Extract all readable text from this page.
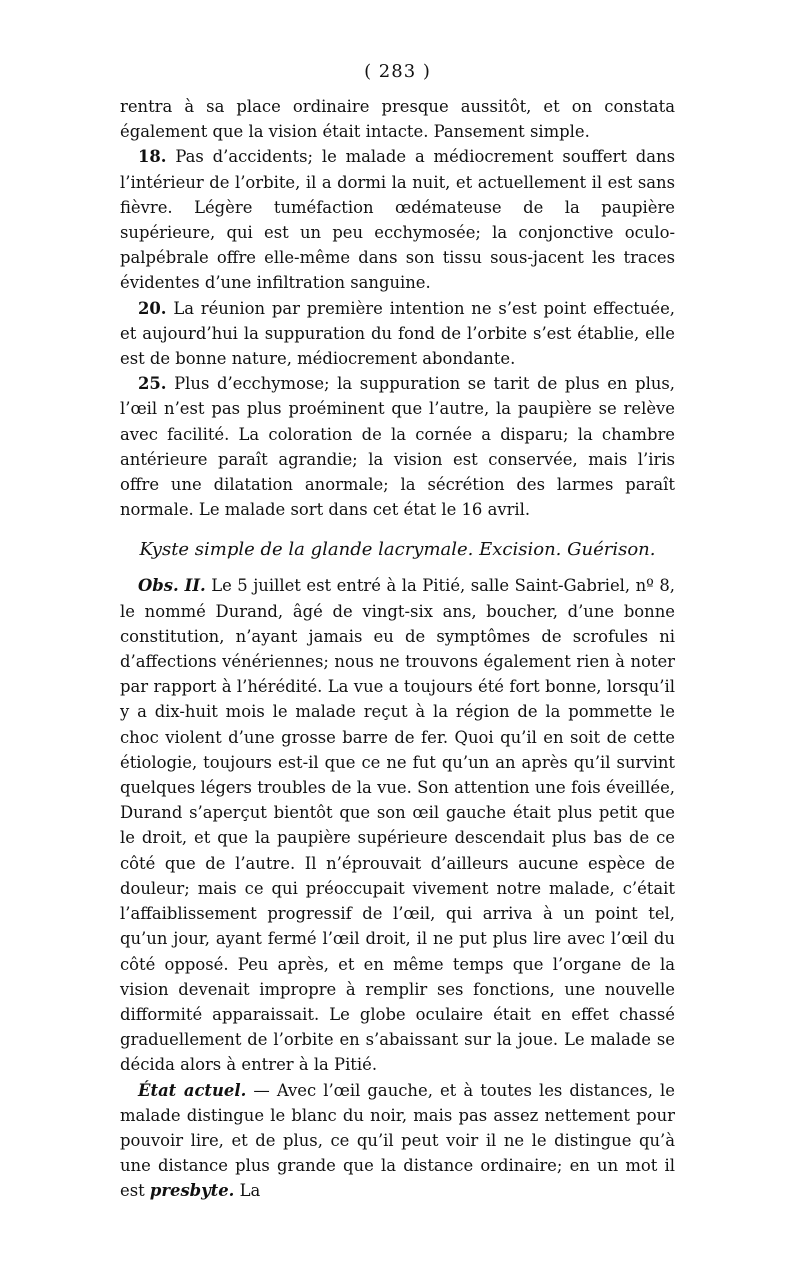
( 283 )

rentra à sa place ordinaire presque aussitôt, et on constata également que la vision était intacte. Pansement simple.

18. Pas d’accidents; le malade a médiocrement souffert dans l’intérieur de l’orbite, il a dormi la nuit, et actuellement il est sans fièvre. Légère tuméfaction œdémateuse de la paupière supérieure, qui est un peu ecchymosée; la conjonctive oculo-palpébrale offre elle-même dans son tissu sous-jacent les traces évidentes d’une infiltration sanguine.

20. La réunion par première intention ne s’est point effectuée, et aujourd’hui la suppuration du fond de l’orbite s’est établie, elle est de bonne nature, médiocrement abondante.

25. Plus d’ecchymose; la suppuration se tarit de plus en plus, l’œil n’est pas plus proéminent que l’autre, la paupière se relève avec facilité. La coloration de la cornée a disparu; la chambre antérieure paraît agrandie; la vision est conservée, mais l’iris offre une dilatation anormale; la sécrétion des larmes paraît normale. Le malade sort dans cet état le 16 avril.

Kyste simple de la glande lacrymale. Excision. Guérison.

Obs. II. Le 5 juillet est entré à la Pitié, salle Saint-Gabriel, nº 8, le nommé Durand, âgé de vingt-six ans, boucher, d’une bonne constitution, n’ayant jamais eu de symptômes de scrofules ni d’affections vénériennes; nous ne trouvons également rien à noter par rapport à l’hérédité. La vue a toujours été fort bonne, lorsqu’il y a dix-huit mois le malade reçut à la région de la pommette le choc violent d’une grosse barre de fer. Quoi qu’il en soit de cette étiologie, toujours est-il que ce ne fut qu’un an après qu’il survint quelques légers troubles de la vue. Son attention une fois éveillée, Durand s’aperçut bientôt que son œil gauche était plus petit que le droit, et que la paupière supérieure descendait plus bas de ce côté que de l’autre. Il n’éprouvait d’ailleurs aucune espèce de douleur; mais ce qui préoccupait vivement notre malade, c’était l’affaiblissement progressif de l’œil, qui arriva à un point tel, qu’un jour, ayant fermé l’œil droit, il ne put plus lire avec l’œil du côté opposé. Peu après, et en même temps que l’organe de la vision devenait impropre à remplir ses fonctions, une nouvelle difformité apparaissait. Le globe oculaire était en effet chassé graduellement de l’orbite en s’abaissant sur la joue. Le malade se décida alors à entrer à la Pitié.

État actuel. — Avec l’œil gauche, et à toutes les distances, le malade distingue le blanc du noir, mais pas assez nettement pour pouvoir lire, et de plus, ce qu’il peut voir il ne le distingue qu’à une distance plus grande que la distance ordinaire; en un mot il est presbyte. La
